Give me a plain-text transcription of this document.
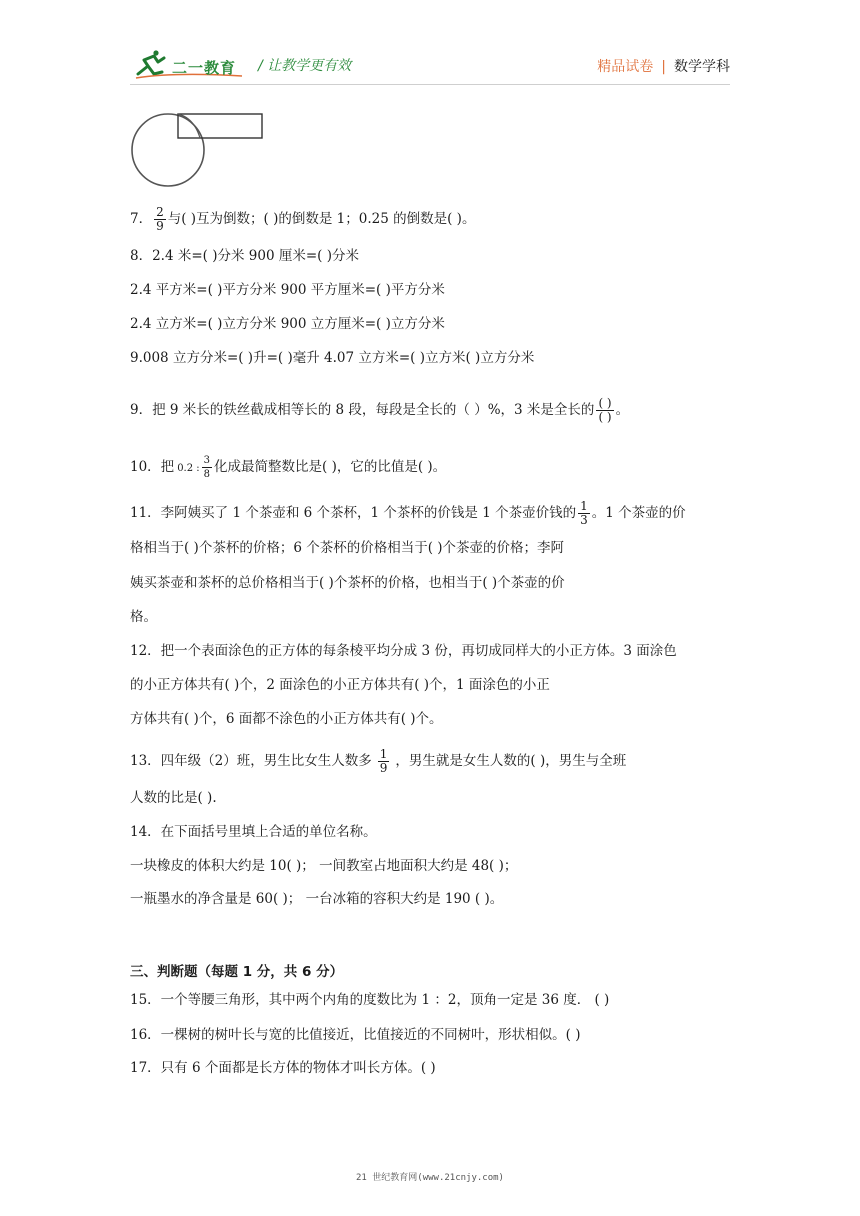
二一教育 / 让教学更有效	精品试卷 | 数学学科
7． $\frac{2}{9}$ 与( )互为倒数；( )的倒数是 1；0.25 的倒数是( )。
8．2.4 米=( )分米 900 厘米=( )分米
2.4 平方米=( )平方分米 900 平方厘米=( )平方分米
2.4 立方米=( )立方分米 900 立方厘米=( )立方分米
9.008 立方分米=( )升=( )毫升 4.07 立方米=( )立方米( )立方分米
9．把 9 米长的铁丝截成相等长的 8 段，每段是全长的（ ）%，3 米是全长的 $\frac{( )}{( )}$ 。
10．把 0.2 : $\frac{3}{8}$ 化成最简整数比是( )，它的比值是( )。
11．李阿姨买了 1 个茶壶和 6 个茶杯，1 个茶杯的价钱是 1 个茶壶价钱的 $\frac{1}{3}$ 。1 个茶壶的价
格相当于( )个茶杯的价格；6 个茶杯的价格相当于( )个茶壶的价格；李阿
姨买茶壶和茶杯的总价格相当于( )个茶杯的价格，也相当于( )个茶壶的价
格。
12．把一个表面涂色的正方体的每条棱平均分成 3 份，再切成同样大的小正方体。3 面涂色
的小正方体共有( )个，2 面涂色的小正方体共有( )个，1 面涂色的小正
方体共有( )个，6 面都不涂色的小正方体共有( )个。
13．四年级（2）班，男生比女生人数多 $\frac{1}{9}$ ，男生就是女生人数的( )，男生与全班
人数的比是( ).
14．在下面括号里填上合适的单位名称。
一块橡皮的体积大约是 10( )； 一间教室占地面积大约是 48( )；
一瓶墨水的净含量是 60( )； 一台冰箱的容积大约是 190 ( )。
三、判断题（每题 1 分，共 6 分）
15．一个等腰三角形，其中两个内角的度数比为 1 ：2，顶角一定是 36 度． ( )
16．一棵树的树叶长与宽的比值接近，比值接近的不同树叶，形状相似。( )
17．只有 6 个面都是长方体的物体才叫长方体。( )
21 世纪教育网(www.21cnjy.com)
